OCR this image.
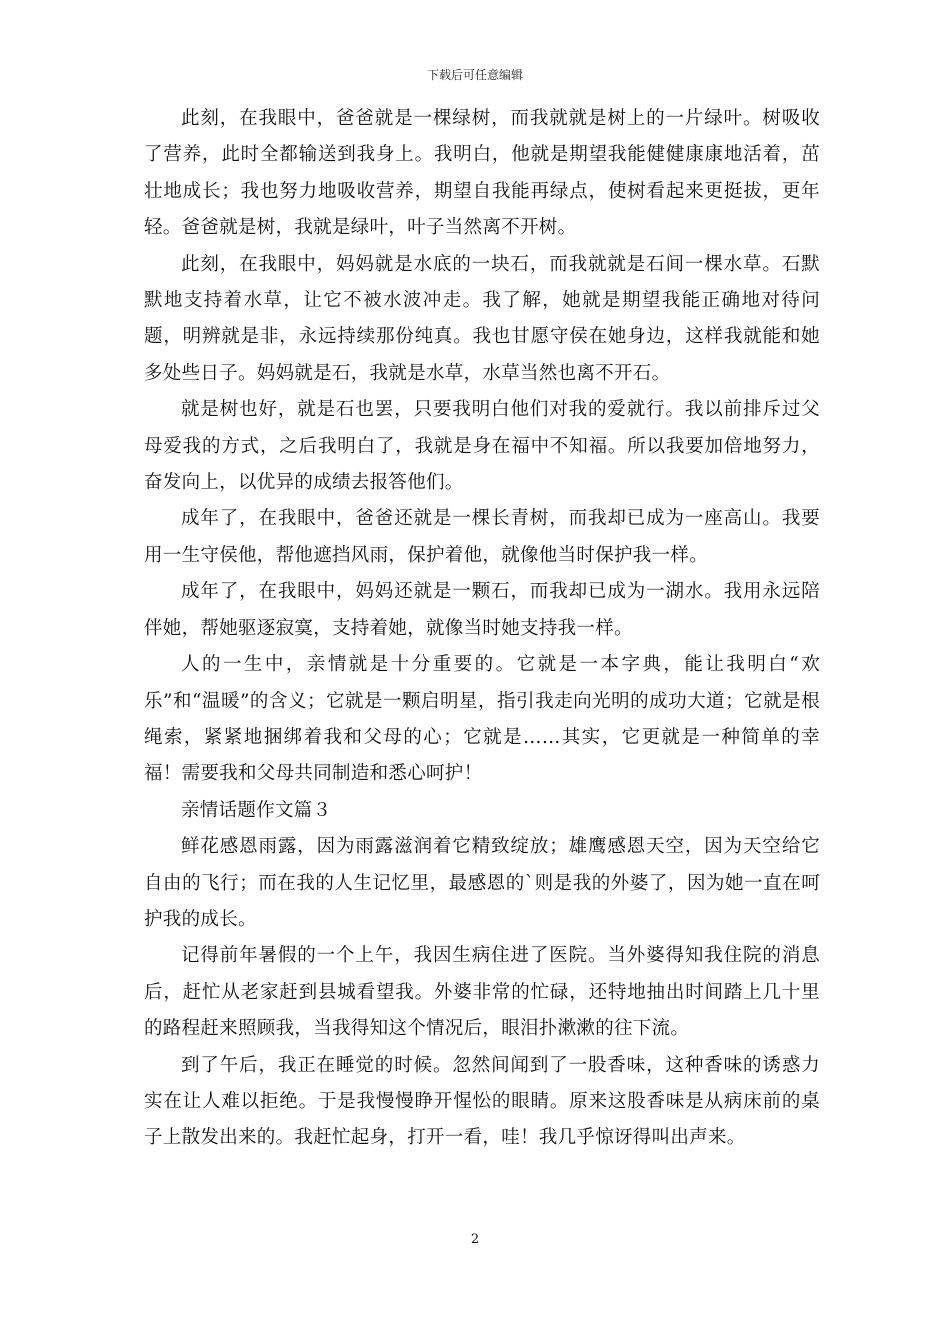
下载后可任意编辑

此刻，在我眼中，爸爸就是一棵绿树，而我就就是树上的一片绿叶。树吸收了营养，此时全都输送到我身上。我明白，他就是期望我能健健康康地活着，茁壮地成长；我也努力地吸收营养，期望自我能再绿点，使树看起来更挺拔，更年轻。爸爸就是树，我就是绿叶，叶子当然离不开树。

此刻，在我眼中，妈妈就是水底的一块石，而我就就是石间一棵水草。石默默地支持着水草，让它不被水波冲走。我了解，她就是期望我能正确地对待问题，明辨就是非，永远持续那份纯真。我也甘愿守侯在她身边，这样我就能和她多处些日子。妈妈就是石，我就是水草，水草当然也离不开石。

就是树也好，就是石也罢，只要我明白他们对我的爱就行。我以前排斥过父母爱我的方式，之后我明白了，我就是身在福中不知福。所以我要加倍地努力，奋发向上，以优异的成绩去报答他们。

成年了，在我眼中，爸爸还就是一棵长青树，而我却已成为一座高山。我要用一生守侯他，帮他遮挡风雨，保护着他，就像他当时保护我一样。

成年了，在我眼中，妈妈还就是一颗石，而我却已成为一湖水。我用永远陪伴她，帮她驱逐寂寞，支持着她，就像当时她支持我一样。

人的一生中，亲情就是十分重要的。它就是一本字典，能让我明白“欢乐”和“温暖”的含义；它就是一颗启明星，指引我走向光明的成功大道；它就是根绳索，紧紧地捆绑着我和父母的心；它就是……其实，它更就是一种简单的幸福！需要我和父母共同制造和悉心呵护！

亲情话题作文篇３

鲜花感恩雨露，因为雨露滋润着它精致绽放；雄鹰感恩天空，因为天空给它自由的飞行；而在我的人生记忆里，最感恩的`则是我的外婆了，因为她一直在呵护我的成长。

记得前年暑假的一个上午，我因生病住进了医院。当外婆得知我住院的消息后，赶忙从老家赶到县城看望我。外婆非常的忙碌，还特地抽出时间踏上几十里的路程赶来照顾我，当我得知这个情况后，眼泪扑漱漱的往下流。

到了午后，我正在睡觉的时候。忽然间闻到了一股香味，这种香味的诱惑力实在让人难以拒绝。于是我慢慢睁开惺忪的眼睛。原来这股香味是从病床前的桌子上散发出来的。我赶忙起身，打开一看，哇！我几乎惊讶得叫出声来。

2
